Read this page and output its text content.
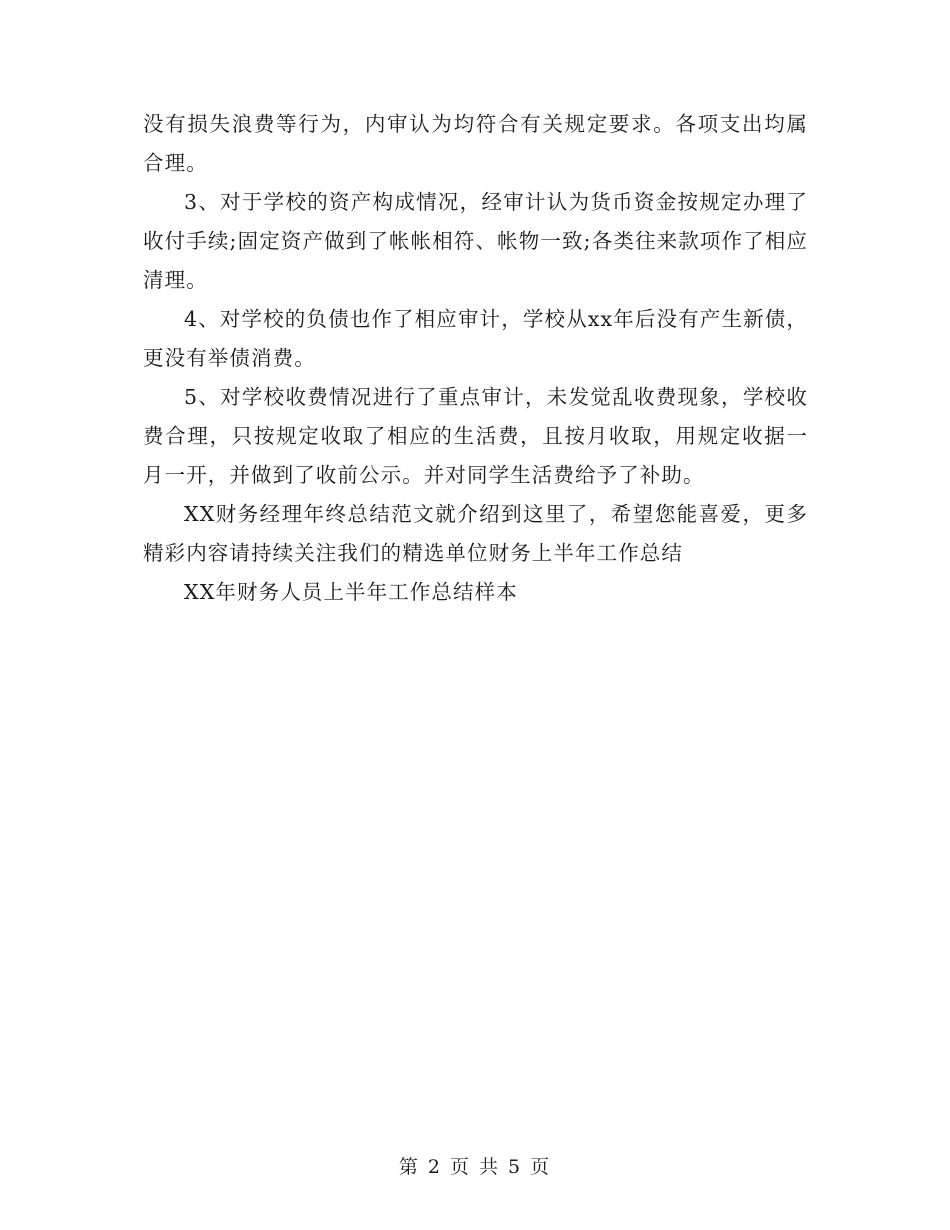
没有损失浪费等行为，内审认为均符合有关规定要求。各项支出均属合理。

3、对于学校的资产构成情况，经审计认为货币资金按规定办理了收付手续;固定资产做到了帐帐相符、帐物一致;各类往来款项作了相应清理。

4、对学校的负债也作了相应审计，学校从xx年后没有产生新债，更没有举债消费。

5、对学校收费情况进行了重点审计，未发觉乱收费现象，学校收费合理，只按规定收取了相应的生活费，且按月收取，用规定收据一月一开，并做到了收前公示。并对同学生活费给予了补助。

XX财务经理年终总结范文就介绍到这里了，希望您能喜爱，更多精彩内容请持续关注我们的精选单位财务上半年工作总结

XX年财务人员上半年工作总结样本

第 2 页 共 5 页
